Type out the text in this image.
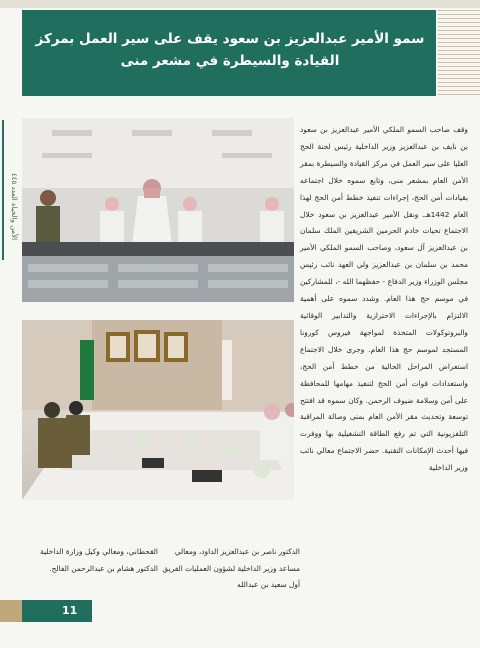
سمو الأمير عبدالعزيز بن سعود يقف على سير العمل بمركز القيادة والسيطرة في مشعر منى
الأمن والحياة العدد ٤٤٥
وقف صاحب السمو الملكي الأمير عبدالعزيز بن سعود بن نايف بن عبدالعزيز وزير الداخلية رئيس لجنة الحج العليا على سير العمل في مركز القيادة والسيطرة بمقر الأمن العام بمشعر منى، وتابع سموه خلال اجتماعه بقيادات أمن الحج، إجراءات تنفيذ خطط أمن الحج لهذا العام 1442هـ. ونقل الأمير عبدالعزيز بن سعود خلال الاجتماع تحيات خادم الحرمين الشريفين الملك سلمان بن عبدالعزيز آل سعود، وصاحب السمو الملكي الأمير محمد بن سلمان بن عبدالعزيز ولي العهد نائب رئيس مجلس الوزراء وزير الدفاع - حفظهما الله -، للمشاركين في موسم حج هذا العام. وشدد سموه على أهمية الالتزام بالإجراءات الاحترازية والتدابير الوقائية والبروتوكولات المتخذة لمواجهة فيروس كورونا المستجد لموسم حج هذا العام. وجرى خلال الاجتماع استعراض المراحل الحالية من خطط أمن الحج، واستعدادات قوات أمن الحج لتنفيذ مهامها للمحافظة على أمن وسلامة ضيوف الرحمن. وكان سموه قد افتتح توسعة وتحديث مقر الأمن العام بمنى وصالة المراقبة التلفزيونية التي تم رفع الطاقة التشغيلية بها ووفرت فيها أحدث الإمكانات التقنية. حضر الاجتماع معالي نائب وزير الداخلية
الدكتور ناصر بن عبدالعزيز الداود، ومعالي مساعد وزير الداخلية لشؤون العمليات الفريق أول سعيد بن عبدالله
القحطاني، ومعالي وكيل وزارة الداخلية الدكتور هشام بن عبدالرحمن الفالح.
11
